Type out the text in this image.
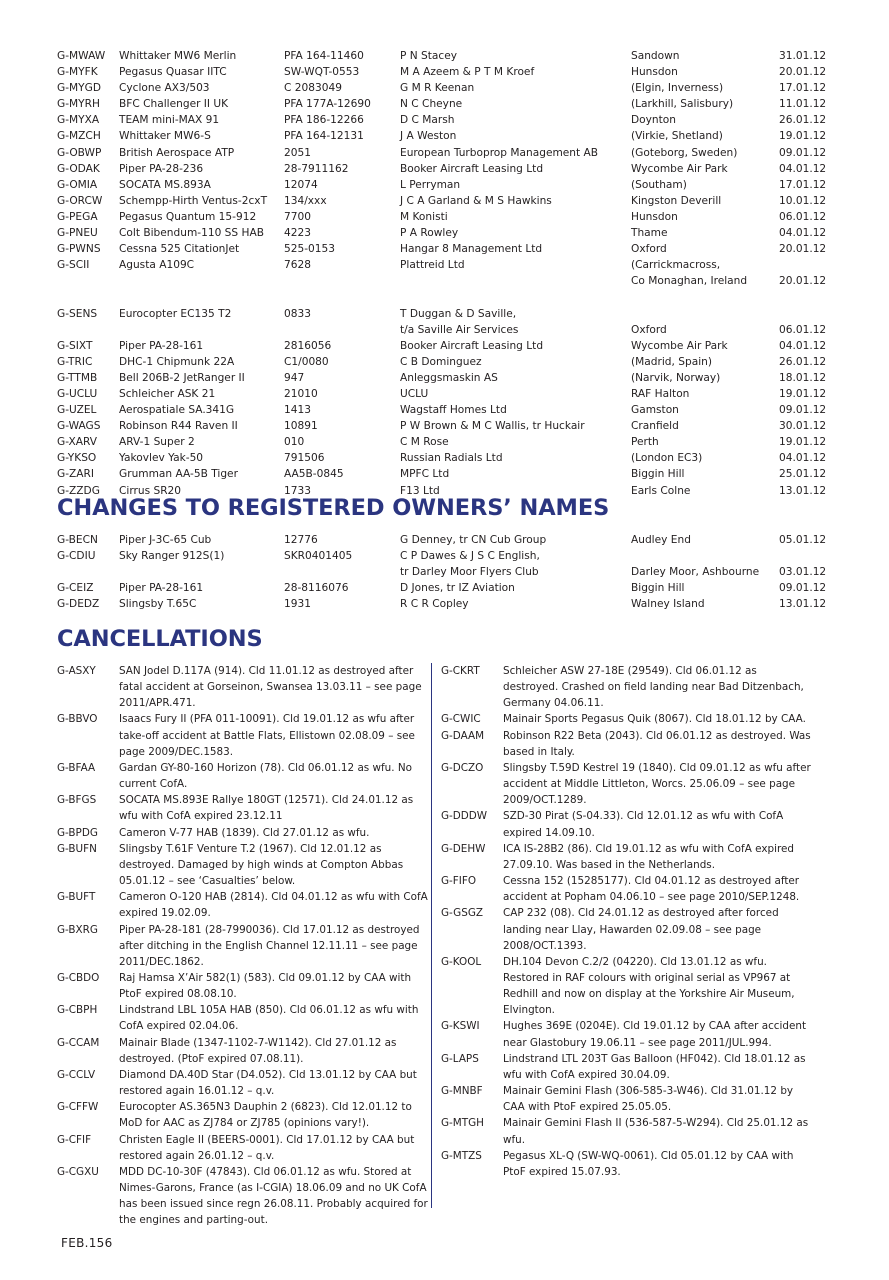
G-MWAW	Whittaker MW6 Merlin	PFA 164-11460	P N Stacey	Sandown	31.01.12
G-MYFK	Pegasus Quasar IITC	SW-WQT-0553	M A Azeem & P T M Kroef	Hunsdon	20.01.12
G-MYGD	Cyclone AX3/503	C 2083049	G M R Keenan	(Elgin, Inverness)	17.01.12
G-MYRH	BFC Challenger II UK	PFA 177A-12690	N C Cheyne	(Larkhill, Salisbury)	11.01.12
G-MYXA	TEAM mini-MAX 91	PFA 186-12266	D C Marsh	Doynton	26.01.12
G-MZCH	Whittaker MW6-S	PFA 164-12131	J A Weston	(Virkie, Shetland)	19.01.12
G-OBWP	British Aerospace ATP	2051	European Turboprop Management AB	(Goteborg, Sweden)	09.01.12
G-ODAK	Piper PA-28-236	28-7911162	Booker Aircraft Leasing Ltd	Wycombe Air Park	04.01.12
G-OMIA	SOCATA MS.893A	12074	L Perryman	(Southam)	17.01.12
G-ORCW	Schempp-Hirth Ventus-2cxT	134/xxx	J C A Garland & M S Hawkins	Kingston Deverill	10.01.12
G-PEGA	Pegasus Quantum 15-912	7700	M Konisti	Hunsdon	06.01.12
G-PNEU	Colt Bibendum-110 SS HAB	4223	P A Rowley	Thame	04.01.12
G-PWNS	Cessna 525 CitationJet	525-0153	Hangar 8 Management Ltd	Oxford	20.01.12
G-SCII	Agusta A109C	7628	Plattreid Ltd	(Carrickmacross,
Co Monaghan, Ireland	20.01.12
G-SENS	Eurocopter EC135 T2	0833	T Duggan & D Saville,
t/a Saville Air Services	Oxford	06.01.12
G-SIXT	Piper PA-28-161	2816056	Booker Aircraft Leasing Ltd	Wycombe Air Park	04.01.12
G-TRIC	DHC-1 Chipmunk 22A	C1/0080	C B Dominguez	(Madrid, Spain)	26.01.12
G-TTMB	Bell 206B-2 JetRanger II	947	Anleggsmaskin AS	(Narvik, Norway)	18.01.12
G-UCLU	Schleicher ASK 21	21010	UCLU	RAF Halton	19.01.12
G-UZEL	Aerospatiale SA.341G	1413	Wagstaff Homes Ltd	Gamston	09.01.12
G-WAGS	Robinson R44 Raven II	10891	P W Brown & M C Wallis, tr Huckair	Cranfield	30.01.12
G-XARV	ARV-1 Super 2	010	C M Rose	Perth	19.01.12
G-YKSO	Yakovlev Yak-50	791506	Russian Radials Ltd	(London EC3)	04.01.12
G-ZARI	Grumman AA-5B Tiger	AA5B-0845	MPFC Ltd	Biggin Hill	25.01.12
G-ZZDG	Cirrus SR20	1733	F13 Ltd	Earls Colne	13.01.12
CHANGES TO REGISTERED OWNERS’ NAMES
G-BECN	Piper J-3C-65 Cub	12776	G Denney, tr CN Cub Group	Audley End	05.01.12
G-CDIU	Sky Ranger 912S(1)	SKR0401405	C P Dawes & J S C English,
tr Darley Moor Flyers Club	Darley Moor, Ashbourne	03.01.12
G-CEIZ	Piper PA-28-161	28-8116076	D Jones, tr IZ Aviation	Biggin Hill	09.01.12
G-DEDZ	Slingsby T.65C	1931	R C R Copley	Walney Island	13.01.12
CANCELLATIONS
G-ASXY	SAN Jodel D.117A (914). Cld 11.01.12 as destroyed after fatal accident at Gorseinon, Swansea 13.03.11 – see page 2011/APR.471.
G-BBVO	Isaacs Fury II (PFA 011-10091). Cld 19.01.12 as wfu after take-off accident at Battle Flats, Ellistown 02.08.09 – see page 2009/DEC.1583.
G-BFAA	Gardan GY-80-160 Horizon (78). Cld 06.01.12 as wfu. No current CofA.
G-BFGS	SOCATA MS.893E Rallye 180GT (12571). Cld 24.01.12 as wfu with CofA expired 23.12.11
G-BPDG	Cameron V-77 HAB (1839). Cld 27.01.12 as wfu.
G-BUFN	Slingsby T.61F Venture T.2 (1967). Cld 12.01.12 as destroyed. Damaged by high winds at Compton Abbas 05.01.12 – see ‘Casualties’ below.
G-BUFT	Cameron O-120 HAB (2814). Cld 04.01.12 as wfu with CofA expired 19.02.09.
G-BXRG	Piper PA-28-181 (28-7990036). Cld 17.01.12 as destroyed after ditching in the English Channel 12.11.11 – see page 2011/DEC.1862.
G-CBDO	Raj Hamsa X’Air 582(1) (583). Cld 09.01.12 by CAA with PtoF expired 08.08.10.
G-CBPH	Lindstrand LBL 105A HAB (850). Cld 06.01.12 as wfu with CofA expired 02.04.06.
G-CCAM	Mainair Blade (1347-1102-7-W1142). Cld 27.01.12 as destroyed. (PtoF expired 07.08.11).
G-CCLV	Diamond DA.40D Star (D4.052). Cld 13.01.12 by CAA but restored again 16.01.12 – q.v.
G-CFFW	Eurocopter AS.365N3 Dauphin 2 (6823). Cld 12.01.12 to MoD for AAC as ZJ784 or ZJ785 (opinions vary!).
G-CFIF	Christen Eagle II (BEERS-0001). Cld 17.01.12 by CAA but restored again 26.01.12 – q.v.
G-CGXU	MDD DC-10-30F (47843). Cld 06.01.12 as wfu. Stored at Nimes-Garons, France (as I-CGIA) 18.06.09 and no UK CofA has been issued since regn 26.08.11. Probably acquired for the engines and parting-out.
G-CKRT	Schleicher ASW 27-18E (29549). Cld 06.01.12 as destroyed. Crashed on field landing near Bad Ditzenbach, Germany 04.06.11.
G-CWIC	Mainair Sports Pegasus Quik (8067). Cld 18.01.12 by CAA.
G-DAAM	Robinson R22 Beta (2043). Cld 06.01.12 as destroyed. Was based in Italy.
G-DCZO	Slingsby T.59D Kestrel 19 (1840). Cld 09.01.12 as wfu after accident at Middle Littleton, Worcs. 25.06.09 – see page 2009/OCT.1289.
G-DDDW	SZD-30 Pirat (S-04.33). Cld 12.01.12 as wfu with CofA expired 14.09.10.
G-DEHW	ICA IS-28B2 (86). Cld 19.01.12 as wfu with CofA expired 27.09.10. Was based in the Netherlands.
G-FIFO	Cessna 152 (15285177). Cld 04.01.12 as destroyed after accident at Popham 04.06.10 – see page 2010/SEP.1248.
G-GSGZ	CAP 232 (08). Cld 24.01.12 as destroyed after forced landing near Llay, Hawarden 02.09.08 – see page 2008/OCT.1393.
G-KOOL	DH.104 Devon C.2/2 (04220). Cld 13.01.12 as wfu. Restored in RAF colours with original serial as VP967 at Redhill and now on display at the Yorkshire Air Museum, Elvington.
G-KSWI	Hughes 369E (0204E). Cld 19.01.12 by CAA after accident near Glastobury 19.06.11 – see page 2011/JUL.994.
G-LAPS	Lindstrand LTL 203T Gas Balloon (HF042). Cld 18.01.12 as wfu with CofA expired 30.04.09.
G-MNBF	Mainair Gemini Flash (306-585-3-W46). Cld 31.01.12 by CAA with PtoF expired 25.05.05.
G-MTGH	Mainair Gemini Flash II (536-587-5-W294). Cld 25.01.12 as wfu.
G-MTZS	Pegasus XL-Q (SW-WQ-0061). Cld 05.01.12 by CAA with PtoF expired 15.07.93.
FEB.156
